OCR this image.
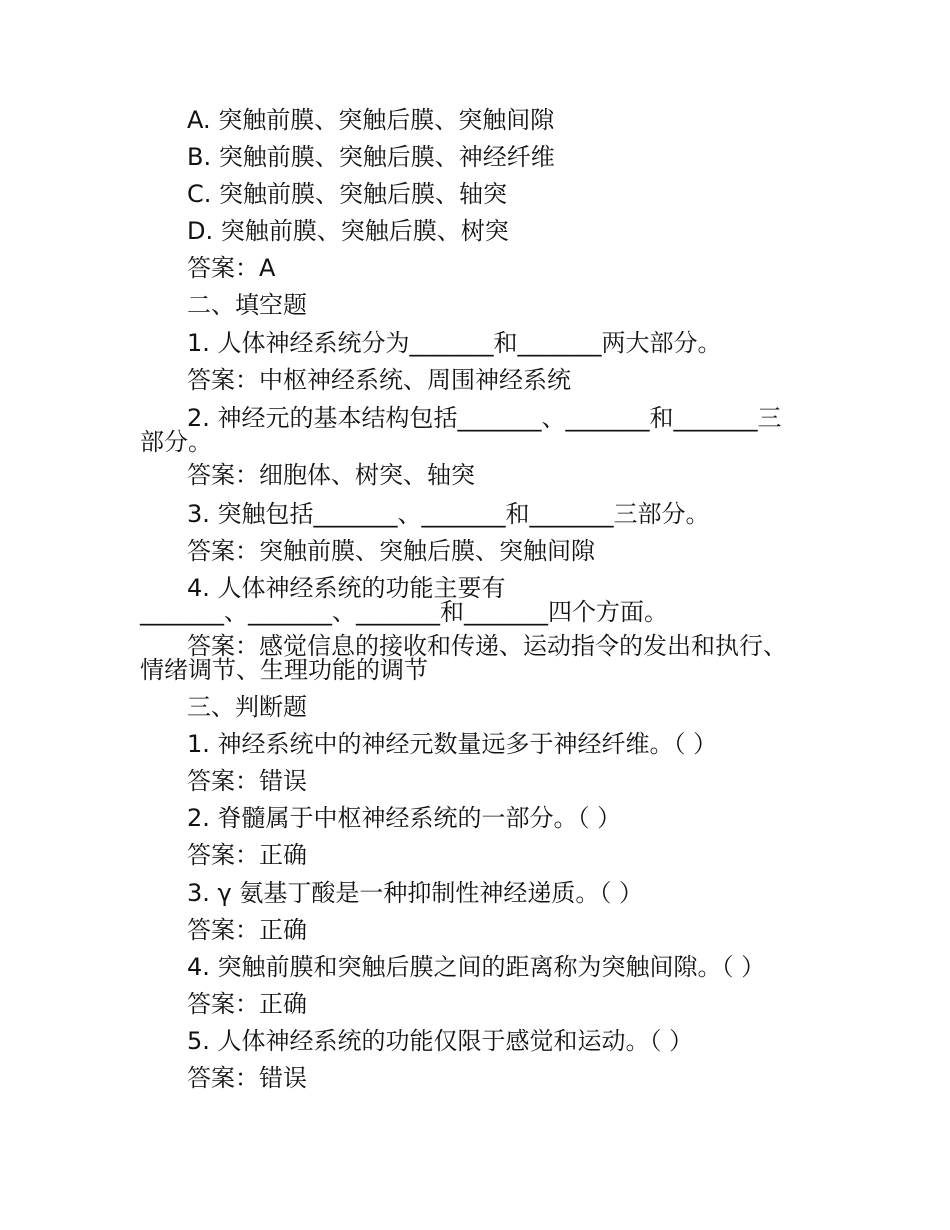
A. 突触前膜、突触后膜、突触间隙
B. 突触前膜、突触后膜、神经纤维
C. 突触前膜、突触后膜、轴突
D. 突触前膜、突触后膜、树突
答案：A
二、填空题
1. 人体神经系统分为_______和_______两大部分。
答案：中枢神经系统、周围神经系统
2. 神经元的基本结构包括_______、_______和_______三
部分。
答案：细胞体、树突、轴突
3. 突触包括_______、_______和_______三部分。
答案：突触前膜、突触后膜、突触间隙
4. 人体神经系统的功能主要有
_______、_______、_______和_______四个方面。
答案：感觉信息的接收和传递、运动指令的发出和执行、
情绪调节、生理功能的调节
三、判断题
1. 神经系统中的神经元数量远多于神经纤维。（ ）
答案：错误
2. 脊髓属于中枢神经系统的一部分。（ ）
答案：正确
3. γ 氨基丁酸是一种抑制性神经递质。（ ）
答案：正确
4. 突触前膜和突触后膜之间的距离称为突触间隙。（ ）
答案：正确
5. 人体神经系统的功能仅限于感觉和运动。（ ）
答案：错误
